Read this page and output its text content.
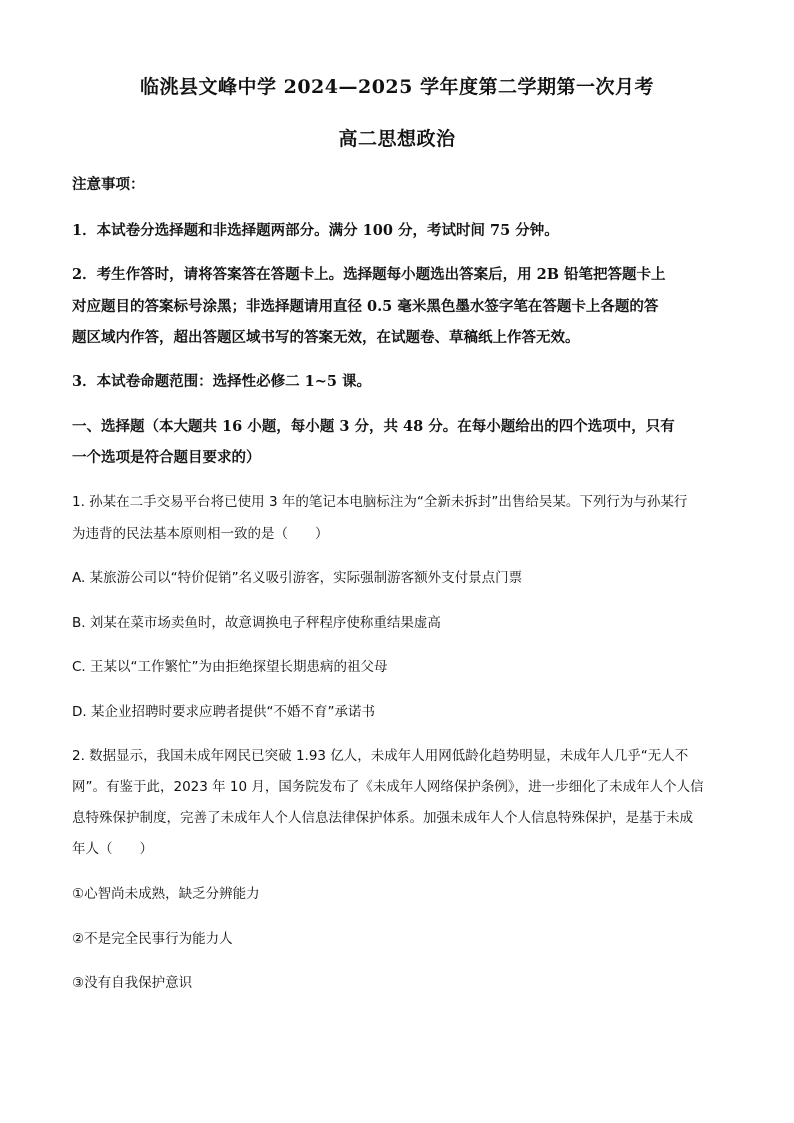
临洮县文峰中学 2024—2025 学年度第二学期第一次月考
高二思想政治
注意事项：
1．本试卷分选择题和非选择题两部分。满分 100 分，考试时间 75 分钟。
2．考生作答时，请将答案答在答题卡上。选择题每小题选出答案后，用 2B 铅笔把答题卡上
对应题目的答案标号涂黑；非选择题请用直径 0.5 毫米黑色墨水签字笔在答题卡上各题的答
题区域内作答，超出答题区域书写的答案无效，在试题卷、草稿纸上作答无效。
3．本试卷命题范围：选择性必修二 1~5 课。
一、选择题（本大题共 16 小题，每小题 3 分，共 48 分。在每小题给出的四个选项中，只有
一个选项是符合题目要求的）
1. 孙某在二手交易平台将已使用 3 年的笔记本电脑标注为“全新未拆封”出售给吴某。下列行为与孙某行
为违背的民法基本原则相一致的是（　　）
A. 某旅游公司以“特价促销”名义吸引游客，实际强制游客额外支付景点门票
B. 刘某在菜市场卖鱼时，故意调换电子秤程序使称重结果虚高
C. 王某以“工作繁忙”为由拒绝探望长期患病的祖父母
D. 某企业招聘时要求应聘者提供“不婚不育”承诺书
2. 数据显示，我国未成年网民已突破 1.93 亿人，未成年人用网低龄化趋势明显，未成年人几乎“无人不
网”。有鉴于此，2023 年 10 月，国务院发布了《未成年人网络保护条例》，进一步细化了未成年人个人信
息特殊保护制度，完善了未成年人个人信息法律保护体系。加强未成年人个人信息特殊保护，是基于未成
年人（　　）
①心智尚未成熟，缺乏分辨能力
②不是完全民事行为能力人
③没有自我保护意识
